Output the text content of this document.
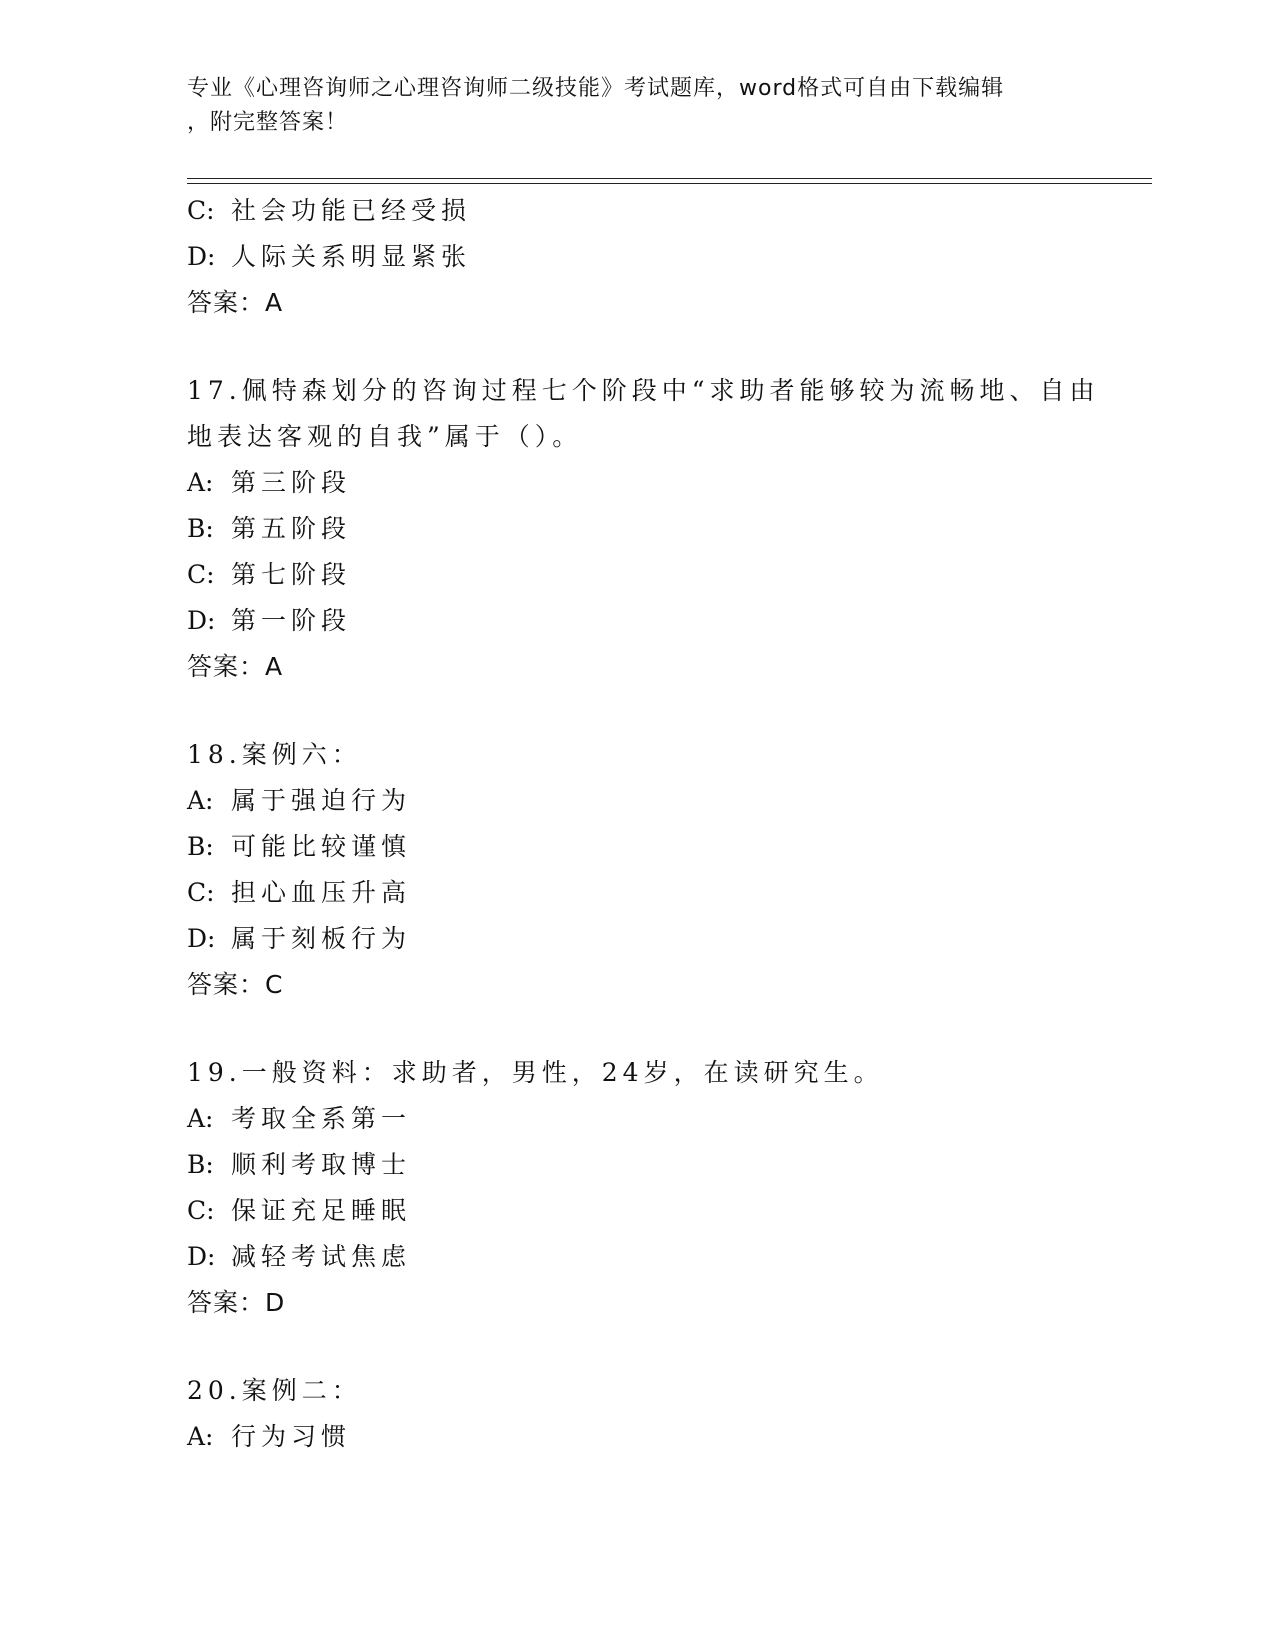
专业《心理咨询师之心理咨询师二级技能》考试题库，word格式可自由下载编辑
，附完整答案！
C: 社会功能已经受损
D: 人际关系明显紧张
答案：A
17.佩特森划分的咨询过程七个阶段中“求助者能够较为流畅地、自由
地表达客观的自我”属于（）。
A: 第三阶段
B: 第五阶段
C: 第七阶段
D: 第一阶段
答案：A
18.案例六：
A: 属于强迫行为
B: 可能比较谨慎
C: 担心血压升高
D: 属于刻板行为
答案：C
19.一般资料：求助者，男性，24岁，在读研究生。
A: 考取全系第一
B: 顺利考取博士
C: 保证充足睡眠
D: 减轻考试焦虑
答案：D
20.案例二：
A: 行为习惯
